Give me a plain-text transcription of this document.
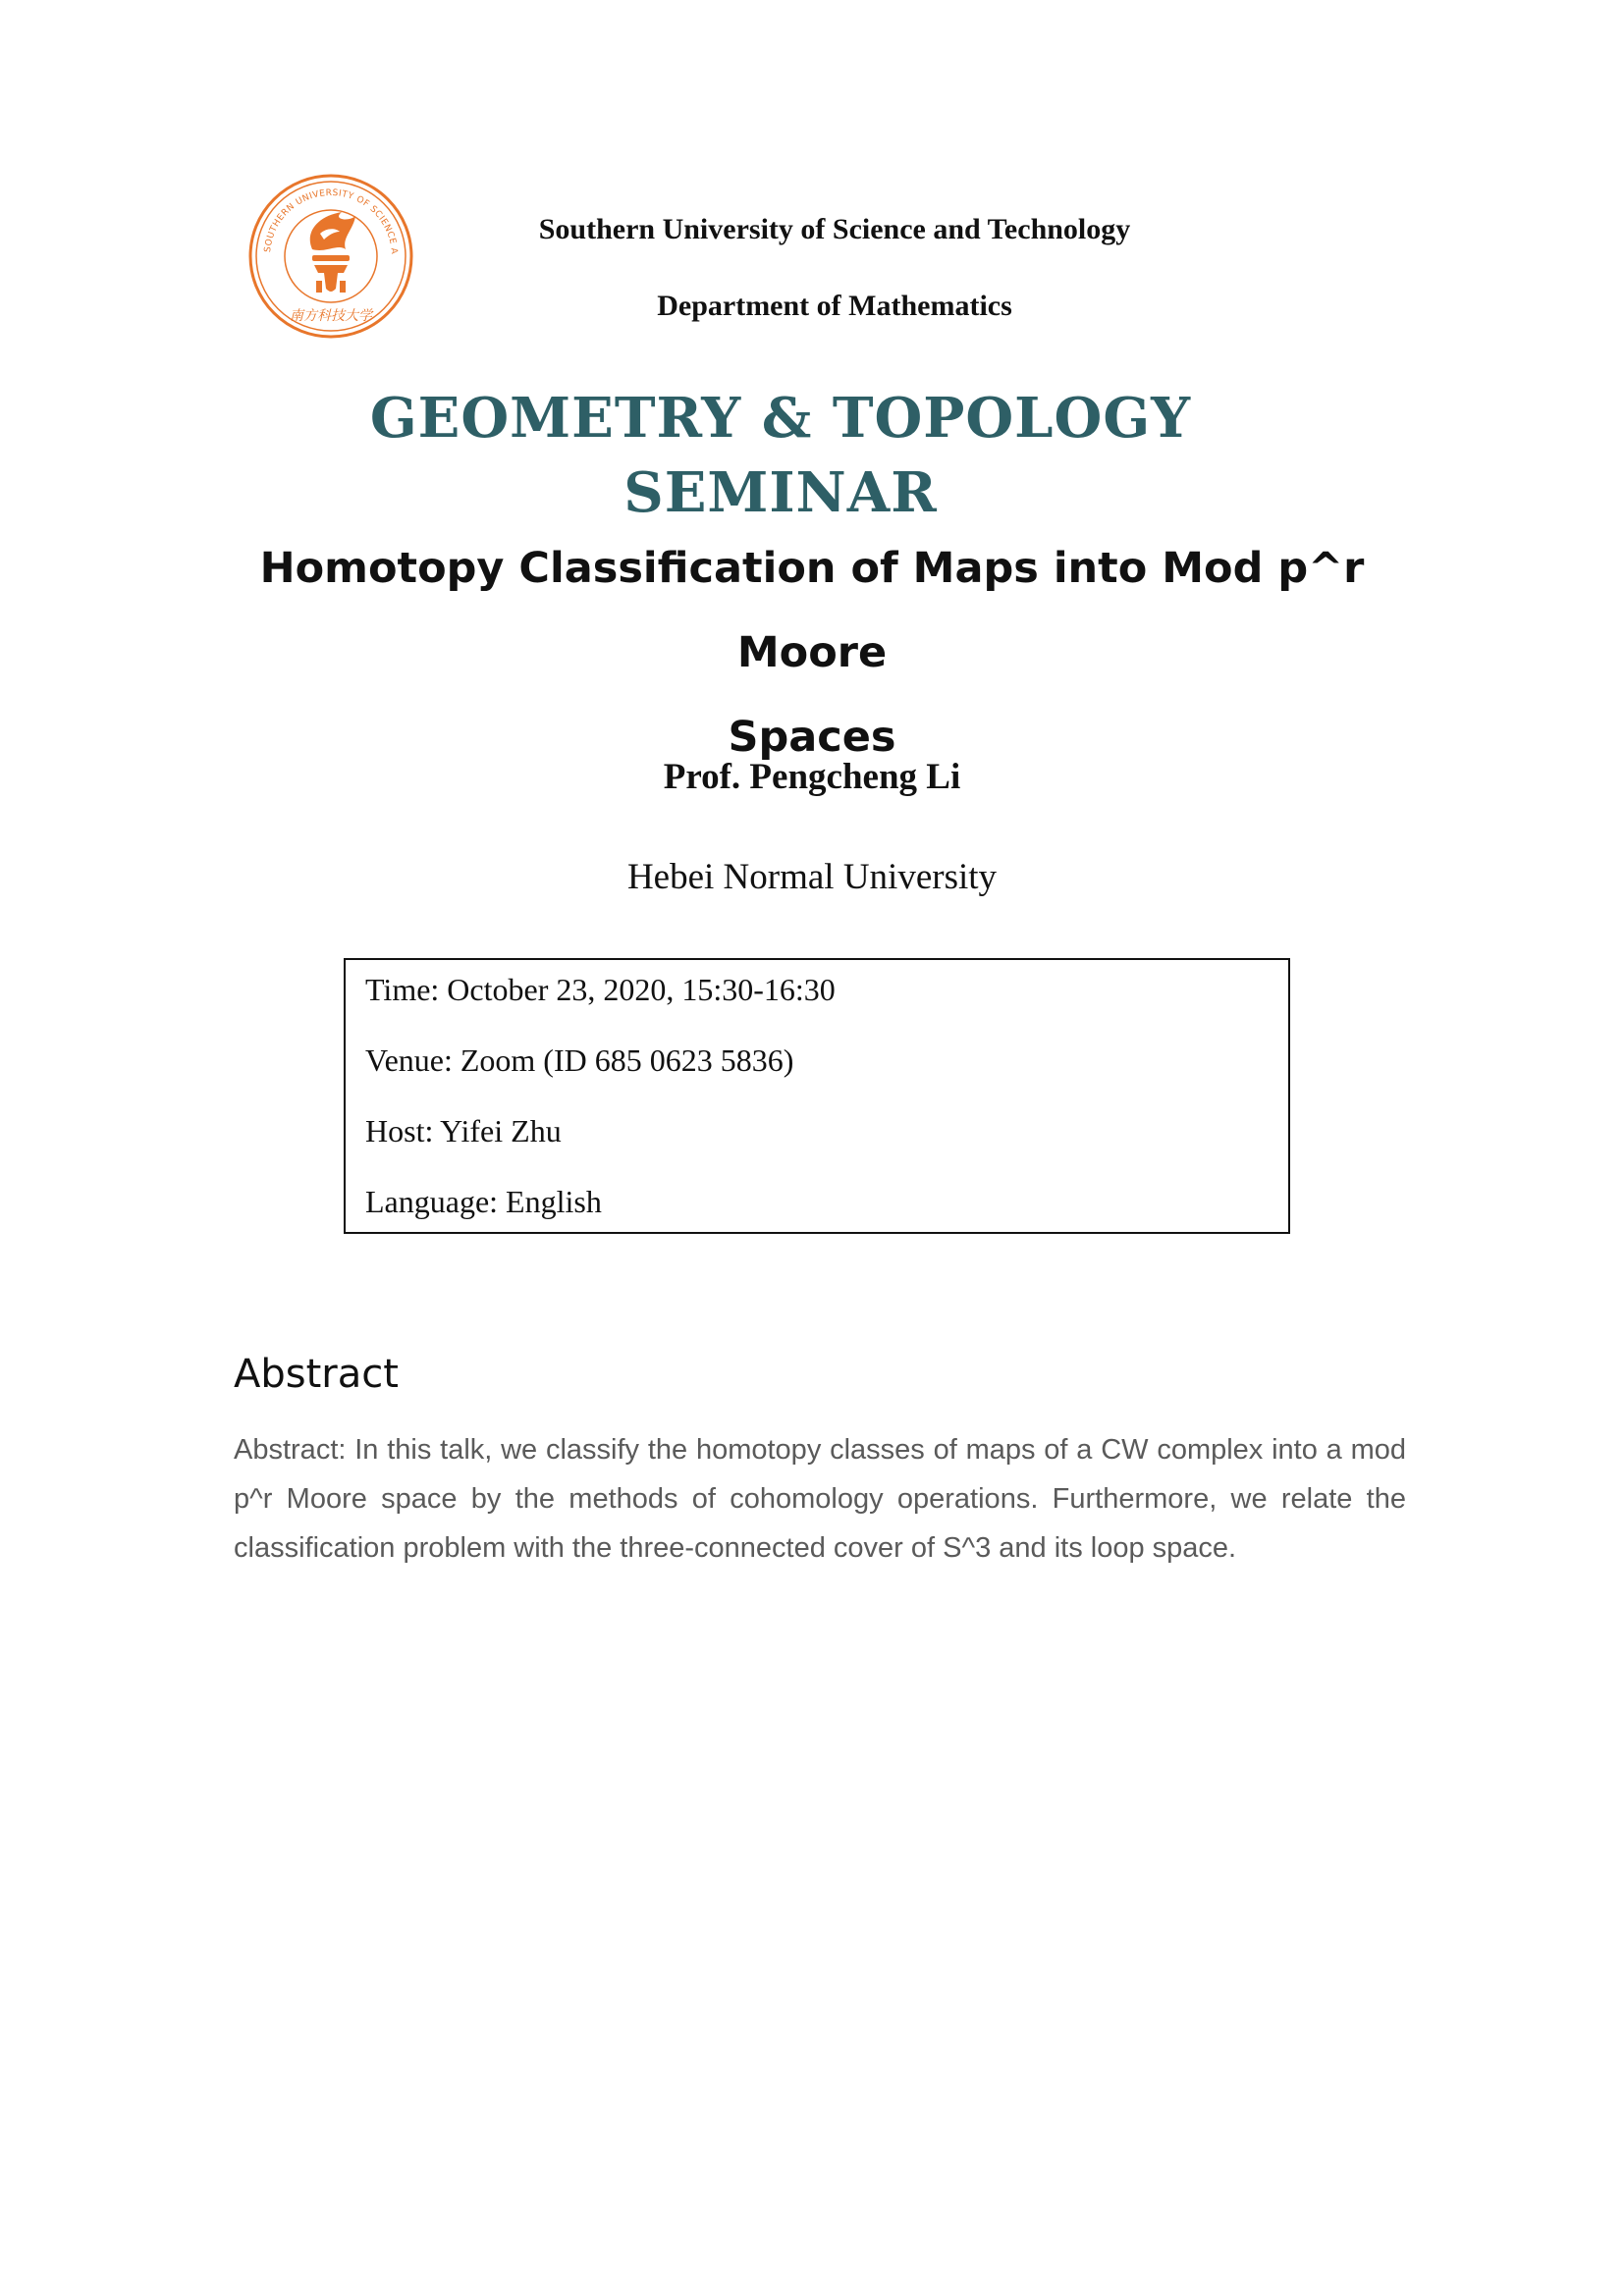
SOUTHERN UNIVERSITY OF SCIENCE A
南方科技大学
Southern University of Science and Technology
Department of Mathematics
GEOMETRY & TOPOLOGY SEMINAR
Homotopy Classification of Maps into Mod p^r Moore
Spaces
Prof. Pengcheng Li
Hebei Normal University
Time: October 23, 2020, 15:30-16:30
Venue: Zoom (ID 685 0623 5836)
Host: Yifei Zhu
Language: English
Abstract
Abstract: In this talk, we classify the homotopy classes of maps of a CW complex into a mod p^r Moore space by the methods of cohomology operations. Furthermore, we relate the classification problem with the three-connected cover of S^3 and its loop space.
